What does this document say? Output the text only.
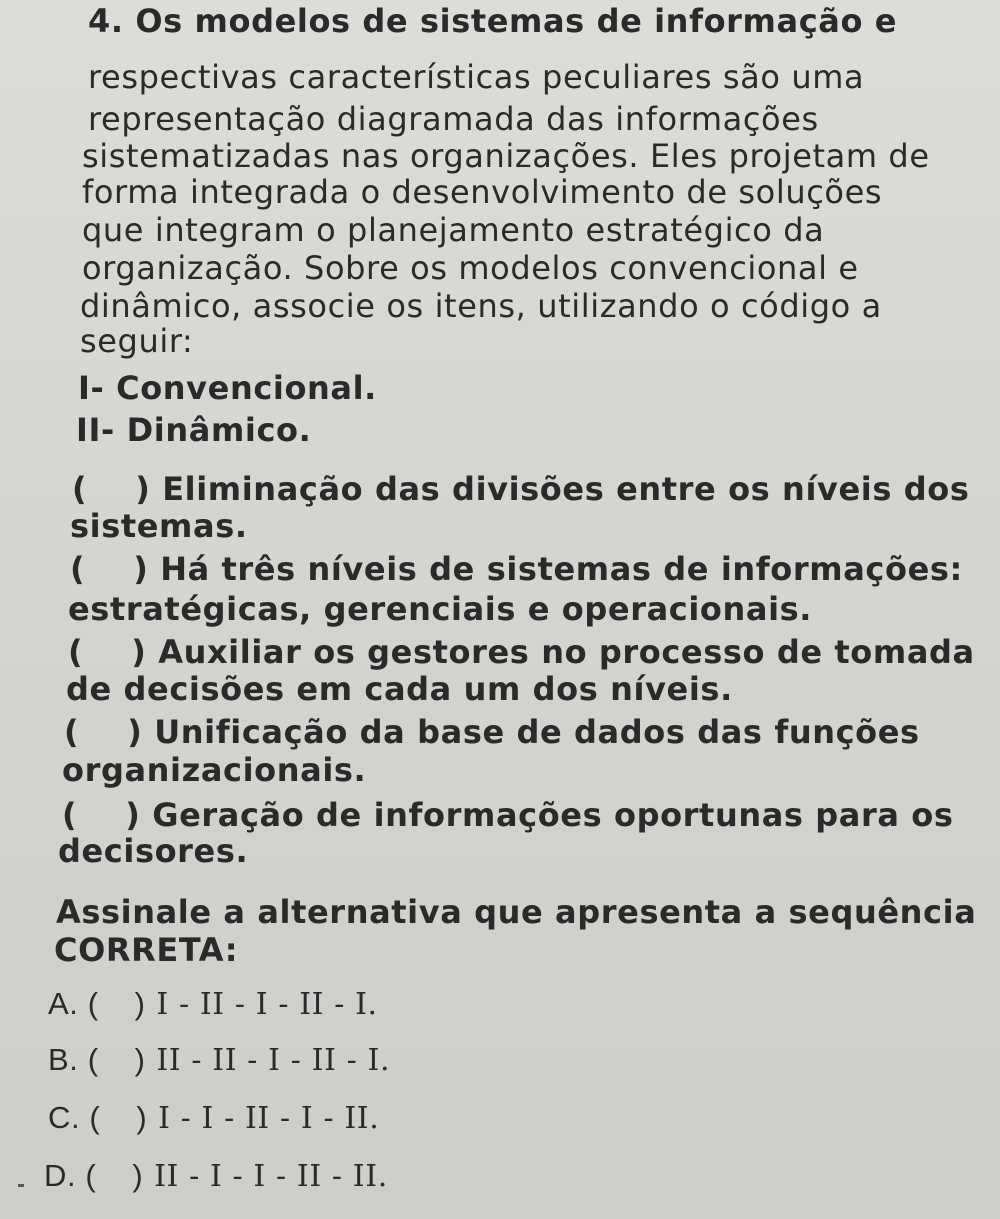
4. Os modelos de sistemas de informação e
respectivas características peculiares são uma
representação diagramada das informações
sistematizadas nas organizações. Eles projetam de
forma integrada o desenvolvimento de soluções
que integram o planejamento estratégico da
organização. Sobre os modelos convencional e
dinâmico, associe os itens, utilizando o código a
seguir:
I- Convencional.
II- Dinâmico.
( ) Eliminação das divisões entre os níveis dos
sistemas.
( ) Há três níveis de sistemas de informações:
estratégicas, gerenciais e operacionais.
( ) Auxiliar os gestores no processo de tomada
de decisões em cada um dos níveis.
( ) Unificação da base de dados das funções
organizacionais.
( ) Geração de informações oportunas para os
decisores.
Assinale a alternativa que apresenta a sequência
CORRETA:
A. ( ) I - II - I - II - I.
B. ( ) II - II - I - II - I.
C. ( ) I - I - II - I - II.
D. ( ) II - I - I - II - II.
